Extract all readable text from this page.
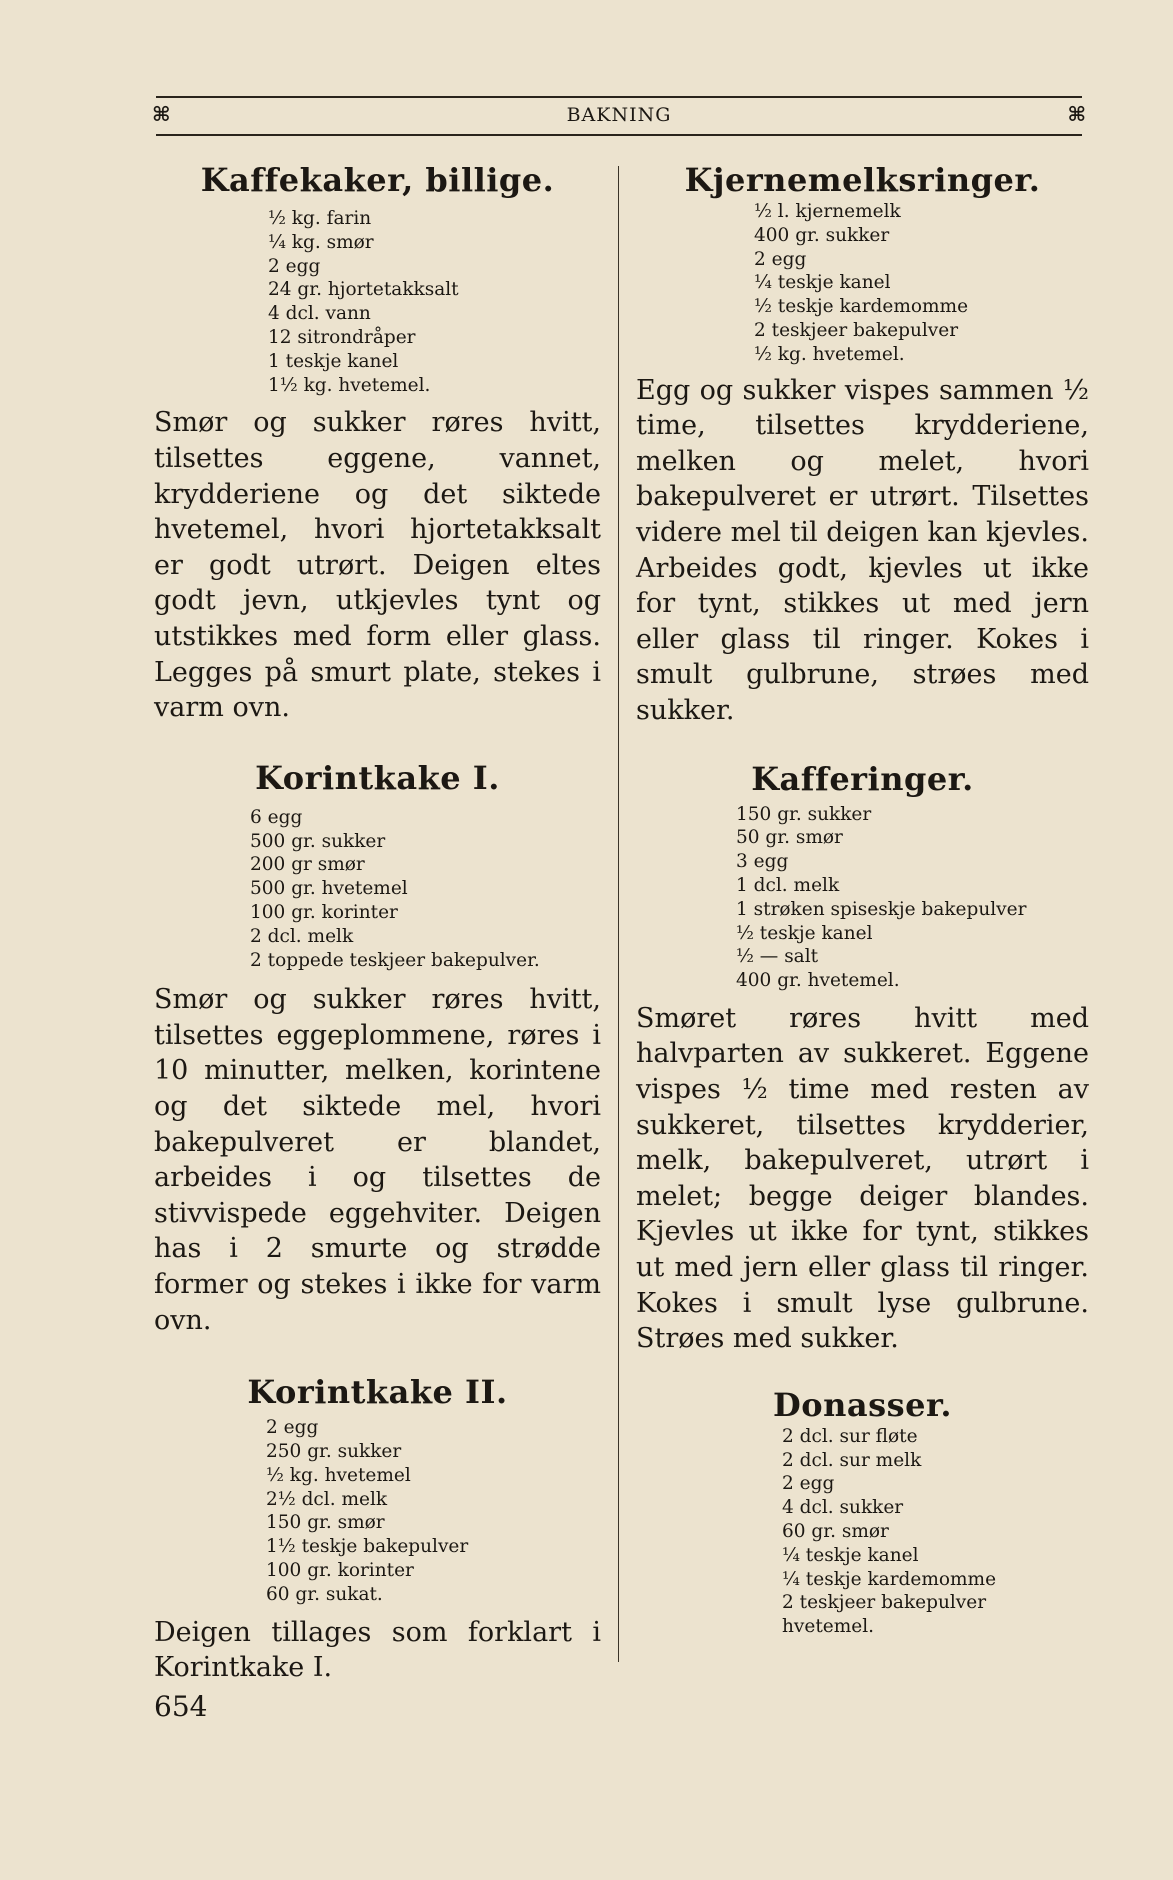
⌘	BAKNING	⌘
Kaffekaker, billige.
½ kg. farin
¼ kg. smør
2 egg
24 gr. hjortetakksalt
4 dcl. vann
12 sitrondråper
1 teskje kanel
1½ kg. hvetemel.

Smør og sukker røres hvitt, tilsettes eggene, vannet, krydderiene og det siktede hvetemel, hvori hjortetakksalt er godt utrørt. Deigen eltes godt jevn, utkjevles tynt og utstikkes med form eller glass. Legges på smurt plate, stekes i varm ovn.

Korintkake I.
6 egg
500 gr. sukker
200 gr smør
500 gr. hvetemel
100 gr. korinter
2 dcl. melk
2 toppede teskjeer bakepulver.

Smør og sukker røres hvitt, tilsettes eggeplommene, røres i 10 minutter, melken, korintene og det siktede mel, hvori bakepulveret er blandet, arbeides i og tilsettes de stivvispede eggehviter. Deigen has i 2 smurte og strødde former og stekes i ikke for varm ovn.

Korintkake II.
2 egg
250 gr. sukker
½ kg. hvetemel
2½ dcl. melk
150 gr. smør
1½ teskje bakepulver
100 gr. korinter
60 gr. sukat.

Deigen tillages som forklart i Korintkake I.

Kjernemelksringer.
½ l. kjernemelk
400 gr. sukker
2 egg
¼ teskje kanel
½ teskje kardemomme
2 teskjeer bakepulver
½ kg. hvetemel.

Egg og sukker vispes sammen ½ time, tilsettes krydderiene, melken og melet, hvori bakepulveret er utrørt. Tilsettes videre mel til deigen kan kjevles. Arbeides godt, kjevles ut ikke for tynt, stikkes ut med jern eller glass til ringer. Kokes i smult gulbrune, strøes med sukker.

Kafferinger.
150 gr. sukker
50 gr. smør
3 egg
1 dcl. melk
1 strøken spiseskje bakepulver
½ teskje kanel
½ — salt
400 gr. hvetemel.

Smøret røres hvitt med halvparten av sukkeret. Eggene vispes ½ time med resten av sukkeret, tilsettes krydderier, melk, bakepulveret, utrørt i melet; begge deiger blandes. Kjevles ut ikke for tynt, stikkes ut med jern eller glass til ringer. Kokes i smult lyse gulbrune. Strøes med sukker.

Donasser.
2 dcl. sur fløte
2 dcl. sur melk
2 egg
4 dcl. sukker
60 gr. smør
¼ teskje kanel
¼ teskje kardemomme
2 teskjeer bakepulver
hvetemel.
654
